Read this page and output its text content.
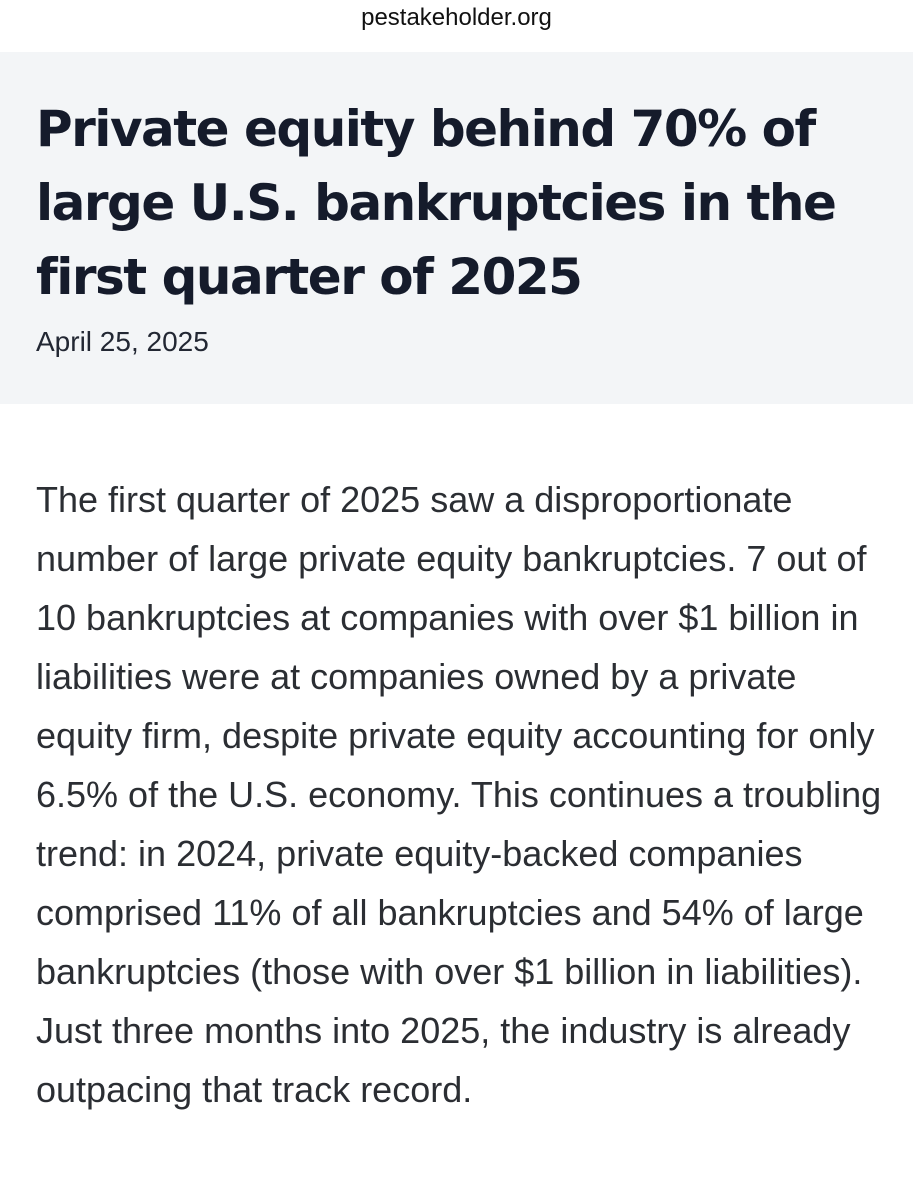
pestakeholder.org
Private equity behind 70% of large U.S. bankruptcies in the first quarter of 2025
April 25, 2025

The first quarter of 2025 saw a disproportionate number of large private equity bankruptcies. 7 out of 10 bankruptcies at companies with over $1 billion in liabilities were at companies owned by a private equity firm, despite private equity accounting for only 6.5% of the U.S. economy. This continues a troubling trend: in 2024, private equity-backed companies comprised 11% of all bankruptcies and 54% of large bankruptcies (those with over $1 billion in liabilities). Just three months into 2025, the industry is already outpacing that track record.
